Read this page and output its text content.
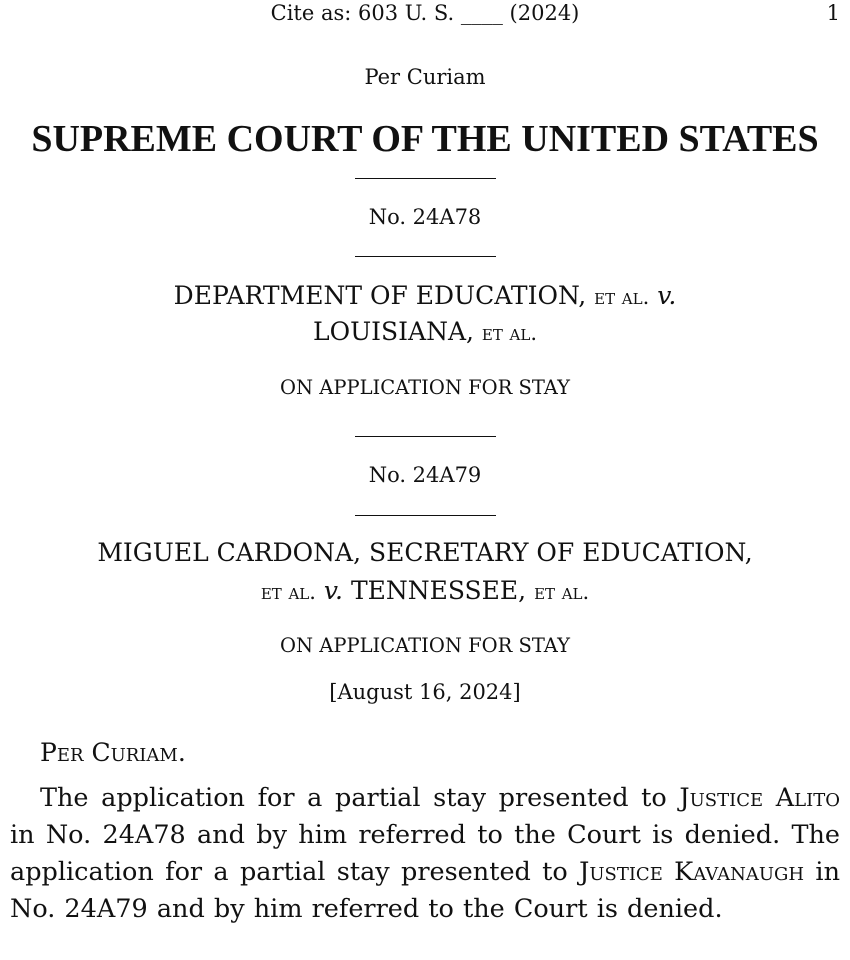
Cite as: 603 U. S. ____ (2024)	1
Per Curiam
SUPREME COURT OF THE UNITED STATES
No. 24A78
DEPARTMENT OF EDUCATION, et al. v.
LOUISIANA, et al.
ON APPLICATION FOR STAY
No. 24A79
MIGUEL CARDONA, SECRETARY OF EDUCATION,
et al. v. TENNESSEE, et al.
ON APPLICATION FOR STAY
[August 16, 2024]
Per Curiam.
The application for a partial stay presented to Justice Alito in No. 24A78 and by him referred to the Court is denied. The application for a partial stay presented to Justice Kavanaugh in No. 24A79 and by him referred to the Court is denied.
